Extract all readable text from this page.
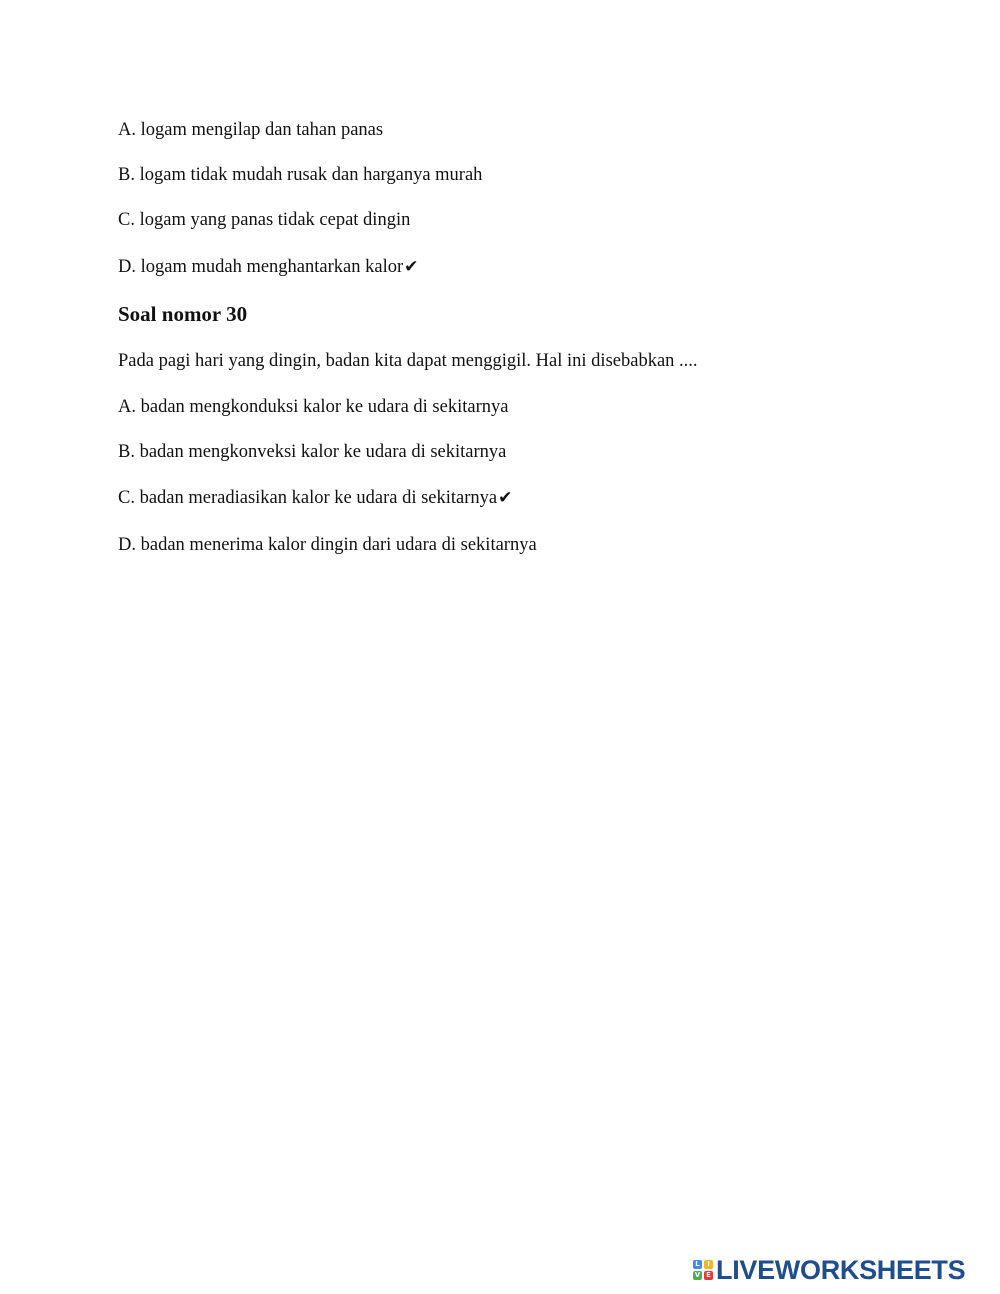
A. logam mengilap dan tahan panas
B. logam tidak mudah rusak dan harganya murah
C. logam yang panas tidak cepat dingin
D. logam mudah menghantarkan kalor✔
Soal nomor 30
Pada pagi hari yang dingin, badan kita dapat menggigil. Hal ini disebabkan ....
A. badan mengkonduksi kalor ke udara di sekitarnya
B. badan mengkonveksi kalor ke udara di sekitarnya
C. badan meradiasikan kalor ke udara di sekitarnya✔
D. badan menerima kalor dingin dari udara di sekitarnya
L	I
V E LIVEWORKSHEETS
